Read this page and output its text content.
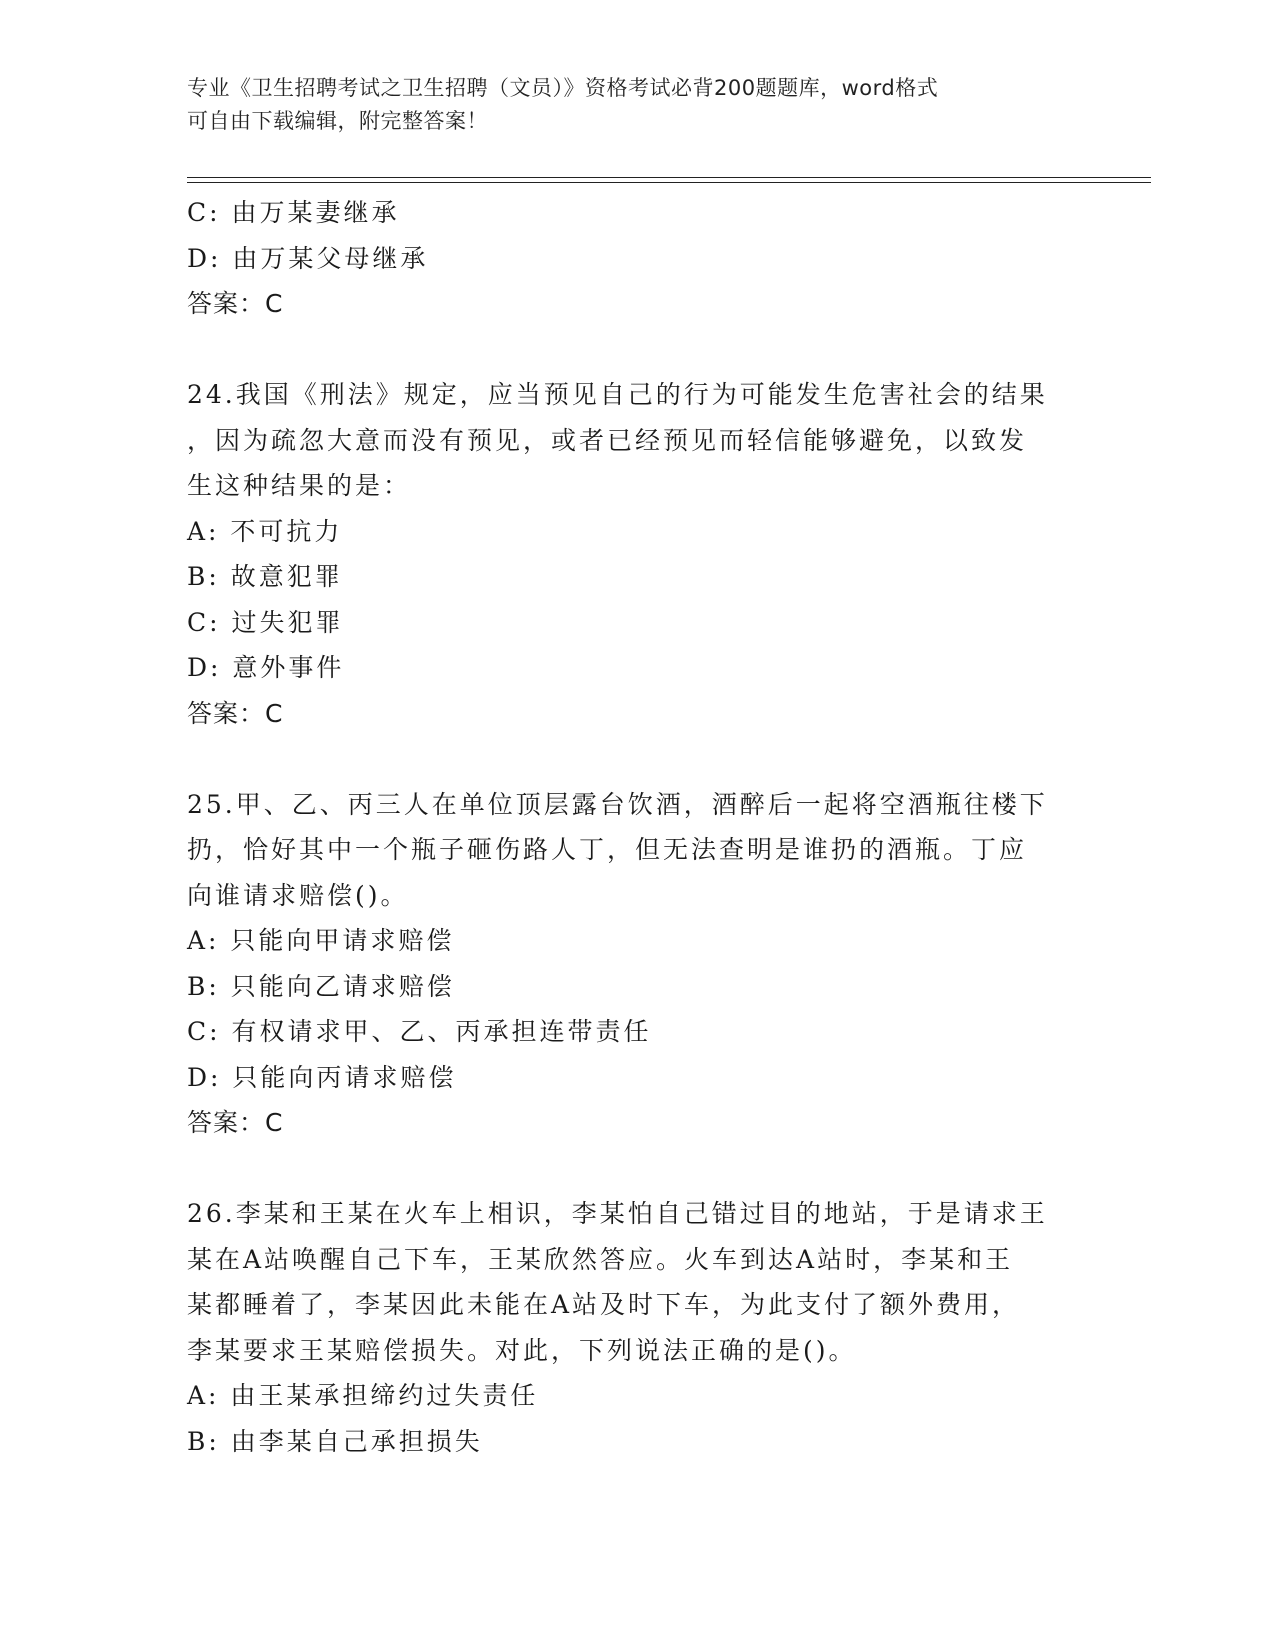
专业《卫生招聘考试之卫生招聘（文员）》资格考试必背200题题库，word格式
可自由下载编辑，附完整答案！
C: 由万某妻继承
D: 由万某父母继承
答案：C
24.我国《刑法》规定，应当预见自己的行为可能发生危害社会的结果
，因为疏忽大意而没有预见，或者已经预见而轻信能够避免，以致发
生这种结果的是：
A: 不可抗力
B: 故意犯罪
C: 过失犯罪
D: 意外事件
答案：C
25.甲、乙、丙三人在单位顶层露台饮酒，酒醉后一起将空酒瓶往楼下
扔，恰好其中一个瓶子砸伤路人丁，但无法查明是谁扔的酒瓶。丁应
向谁请求赔偿()。
A: 只能向甲请求赔偿
B: 只能向乙请求赔偿
C: 有权请求甲、乙、丙承担连带责任
D: 只能向丙请求赔偿
答案：C
26.李某和王某在火车上相识，李某怕自己错过目的地站，于是请求王
某在A站唤醒自己下车，王某欣然答应。火车到达A站时，李某和王
某都睡着了，李某因此未能在A站及时下车，为此支付了额外费用，
李某要求王某赔偿损失。对此，下列说法正确的是()。
A: 由王某承担缔约过失责任
B: 由李某自己承担损失
